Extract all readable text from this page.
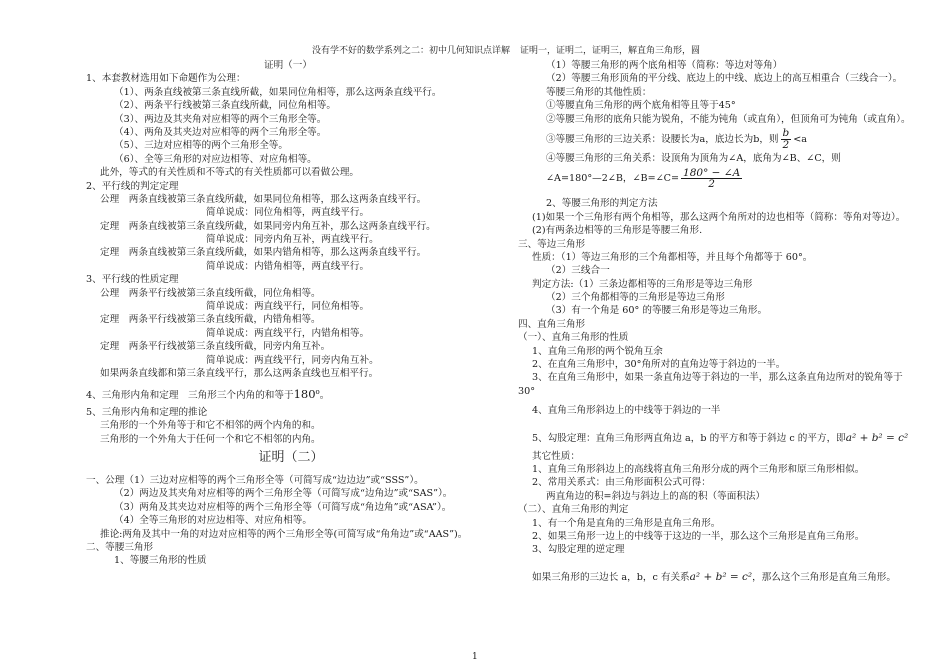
没有学不好的数学系列之二：初中几何知识点详解 证明一，证明二，证明三，解直角三角形，圆
证明（一）
1、本套教材选用如下命题作为公理：
（1）、两条直线被第三条直线所截，如果同位角相等，那么这两条直线平行。
（2）、两条平行线被第三条直线所截，同位角相等。
（3）、两边及其夹角对应相等的两个三角形全等。
（4）、两角及其夹边对应相等的两个三角形全等。
（5）、三边对应相等的两个三角形全等。
（6）、全等三角形的对应边相等、对应角相等。
此外，等式的有关性质和不等式的有关性质都可以看做公理。
2、平行线的判定定理
公理　两条直线被第三条直线所截，如果同位角相等，那么这两条直线平行。
简单说成：同位角相等，两直线平行。
定理　两条直线被第三条直线所截，如果同旁内角互补，那么这两条直线平行。
简单说成：同旁内角互补，两直线平行。
定理　两条直线被第三条直线所截，如果内错角相等，那么这两条直线平行。
简单说成：内错角相等，两直线平行。
3、平行线的性质定理
公理　两条平行线被第三条直线所截，同位角相等。
简单说成：两直线平行，同位角相等。
定理　两条平行线被第三条直线所截，内错角相等。
简单说成：两直线平行，内错角相等。
定理　两条平行线被第三条直线所截，同旁内角互补。
简单说成：两直线平行，同旁内角互补。
如果两条直线都和第三条直线平行，那么这两条直线也互相平行。
4、三角形内角和定理　三角形三个内角的和等于180$^o$。
5、三角形内角和定理的推论
三角形的一个外角等于和它不相邻的两个内角的和。
三角形的一个外角大于任何一个和它不相邻的内角。
证明（二）
一、公理（1）三边对应相等的两个三角形全等（可简写成“边边边”或“SSS”）。
（2）两边及其夹角对应相等的两个三角形全等（可简写成“边角边”或“SAS”）。
（3）两角及其夹边对应相等的两个三角形全等（可简写成“角边角”或“ASA”）。
（4）全等三角形的对应边相等、对应角相等。
推论:两角及其中一角的对边对应相等的两个三角形全等(可简写成“角角边”或“AAS”)。
二、等腰三角形
1、等腰三角形的性质
（1）等腰三角形的两个底角相等（简称：等边对等角）
（2）等腰三角形顶角的平分线、底边上的中线、底边上的高互相重合（三线合一）。
等腰三角形的其他性质：
①等腰直角三角形的两个底角相等且等于45°
②等腰三角形的底角只能为锐角，不能为钝角（或直角），但顶角可为钝角（或直角）。
③等腰三角形的三边关系：设腰长为a，底边长为b，则 $\frac{b}{2} <a$
④等腰三角形的三角关系：设顶角为顶角为∠A，底角为∠B、∠C，则
∠A=180°—2∠B，∠B=∠C= $\frac{180^\circ - \angle A}{2}$
2、等腰三角形的判定方法
(1)如果一个三角形有两个角相等，那么这两个角所对的边也相等（简称：等角对等边）。
(2)有两条边相等的三角形是等腰三角形.
三、等边三角形
性质：（1）等边三角形的三个角都相等，并且每个角都等于 60°。
（2）三线合一
判定方法:（1）三条边都相等的三角形是等边三角形
（2）三个角都相等的三角形是等边三角形
（3）有一个角是 60° 的等腰三角形是等边三角形。
四、直角三角形
（一）、直角三角形的性质
1、直角三角形的两个锐角互余
2、在直角三角形中，30°角所对的直角边等于斜边的一半。
3、在直角三角形中，如果一条直角边等于斜边的一半，那么这条直角边所对的锐角等于
30°
4、直角三角形斜边上的中线等于斜边的一半
5、勾股定理：直角三角形两直角边 a，b 的平方和等于斜边 c 的平方，即a² + b² = c²
其它性质：
1、直角三角形斜边上的高线将直角三角形分成的两个三角形和原三角形相似。
2、常用关系式：由三角形面积公式可得：
两直角边的积=斜边与斜边上的高的积（等面积法）
（二）、直角三角形的判定
1、有一个角是直角的三角形是直角三角形。
2、如果三角形一边上的中线等于这边的一半，那么这个三角形是直角三角形。
3、勾股定理的逆定理
如果三角形的三边长 a，b，c 有关系a² + b² = c²，那么这个三角形是直角三角形。
1
